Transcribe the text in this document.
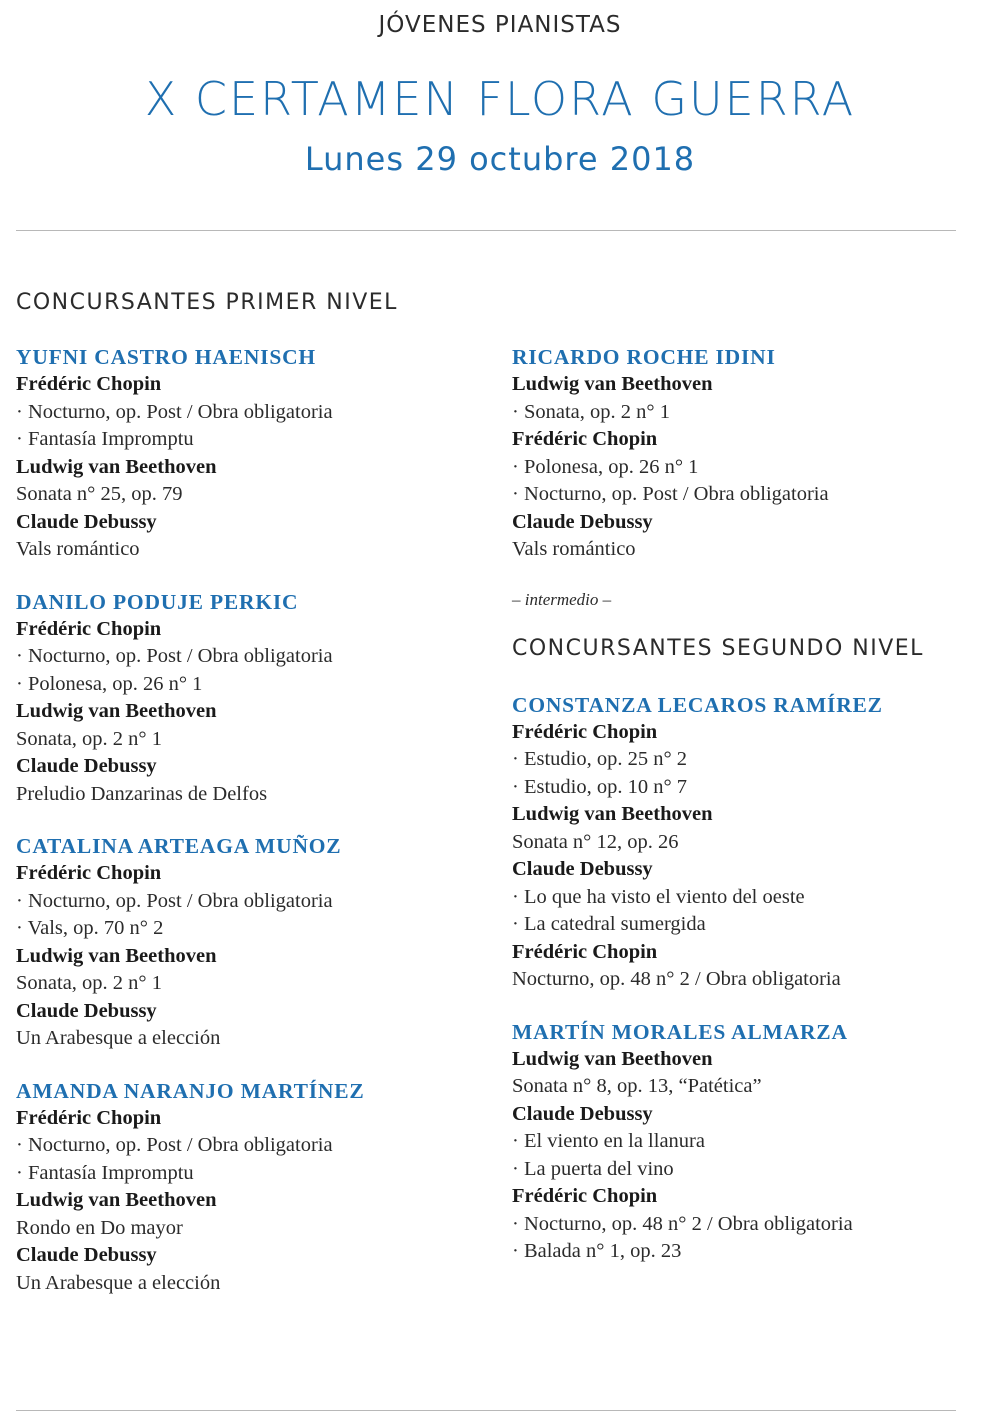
JÓVENES PIANISTAS
X CERTAMEN FLORA GUERRA
Lunes 29 octubre 2018
CONCURSANTES PRIMER NIVEL
YUFNI CASTRO HAENISCH
Frédéric Chopin
· Nocturno, op. Post / Obra obligatoria
· Fantasía Impromptu
Ludwig van Beethoven
Sonata n° 25, op. 79
Claude Debussy
Vals romántico
DANILO PODUJE PERKIC
Frédéric Chopin
· Nocturno, op. Post / Obra obligatoria
· Polonesa, op. 26 n° 1
Ludwig van Beethoven
Sonata, op. 2 n° 1
Claude Debussy
Preludio Danzarinas de Delfos
CATALINA ARTEAGA MUÑOZ
Frédéric Chopin
· Nocturno, op. Post / Obra obligatoria
· Vals, op. 70 n° 2
Ludwig van Beethoven
Sonata, op. 2 n° 1
Claude Debussy
Un Arabesque a elección
AMANDA NARANJO MARTÍNEZ
Frédéric Chopin
· Nocturno, op. Post / Obra obligatoria
· Fantasía Impromptu
Ludwig van Beethoven
Rondo en Do mayor
Claude Debussy
Un Arabesque a elección
RICARDO ROCHE IDINI
Ludwig van Beethoven
· Sonata, op. 2 n° 1
Frédéric Chopin
· Polonesa, op. 26 n° 1
· Nocturno, op. Post / Obra obligatoria
Claude Debussy
Vals romántico
– intermedio –
CONCURSANTES SEGUNDO NIVEL
CONSTANZA LECAROS RAMÍREZ
Frédéric Chopin
· Estudio, op. 25 n° 2
· Estudio, op. 10 n° 7
Ludwig van Beethoven
Sonata n° 12, op. 26
Claude Debussy
· Lo que ha visto el viento del oeste
· La catedral sumergida
Frédéric Chopin
Nocturno, op. 48 n° 2 / Obra obligatoria
MARTÍN MORALES ALMARZA
Ludwig van Beethoven
Sonata n° 8, op. 13, “Patética”
Claude Debussy
· El viento en la llanura
· La puerta del vino
Frédéric Chopin
· Nocturno, op. 48 n° 2 / Obra obligatoria
· Balada n° 1, op. 23
